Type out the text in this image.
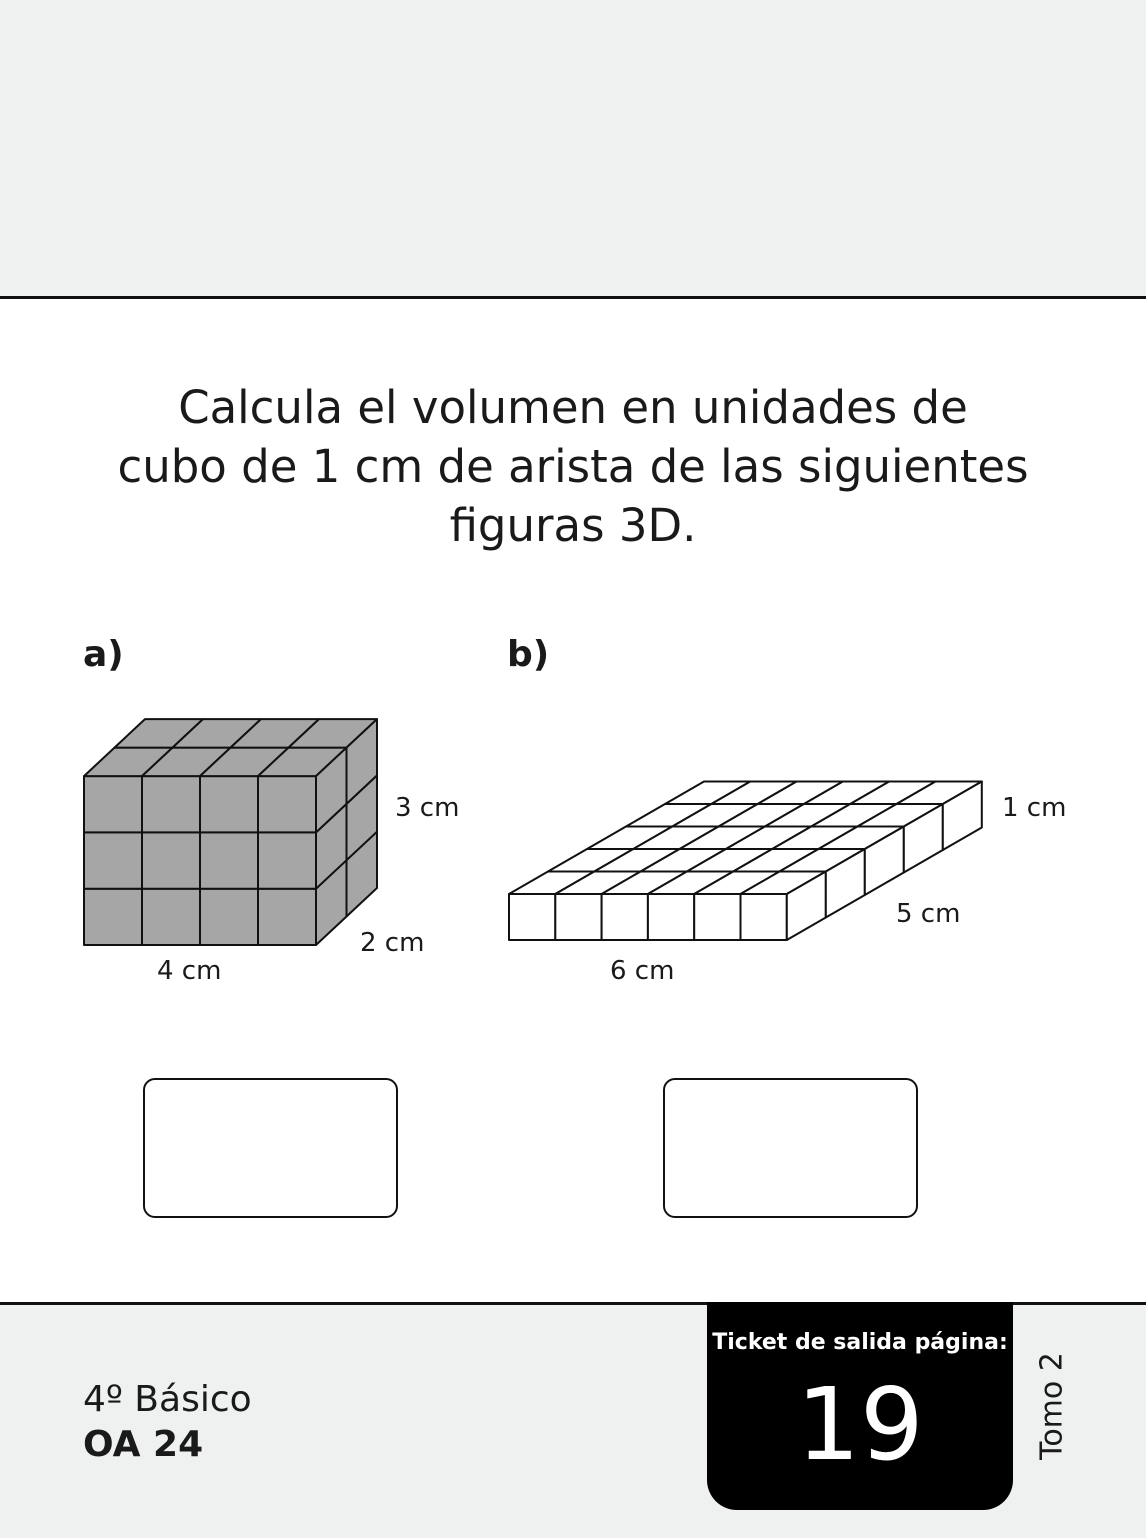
Calcula el volumen en unidades de
cubo de 1 cm de arista de las siguientes
figuras 3D.
a)	b)
3 cm
2 cm
4 cm
1 cm
5 cm
6 cm
4º Básico
OA 24
Ticket de salida página:
19	Tomo 2
